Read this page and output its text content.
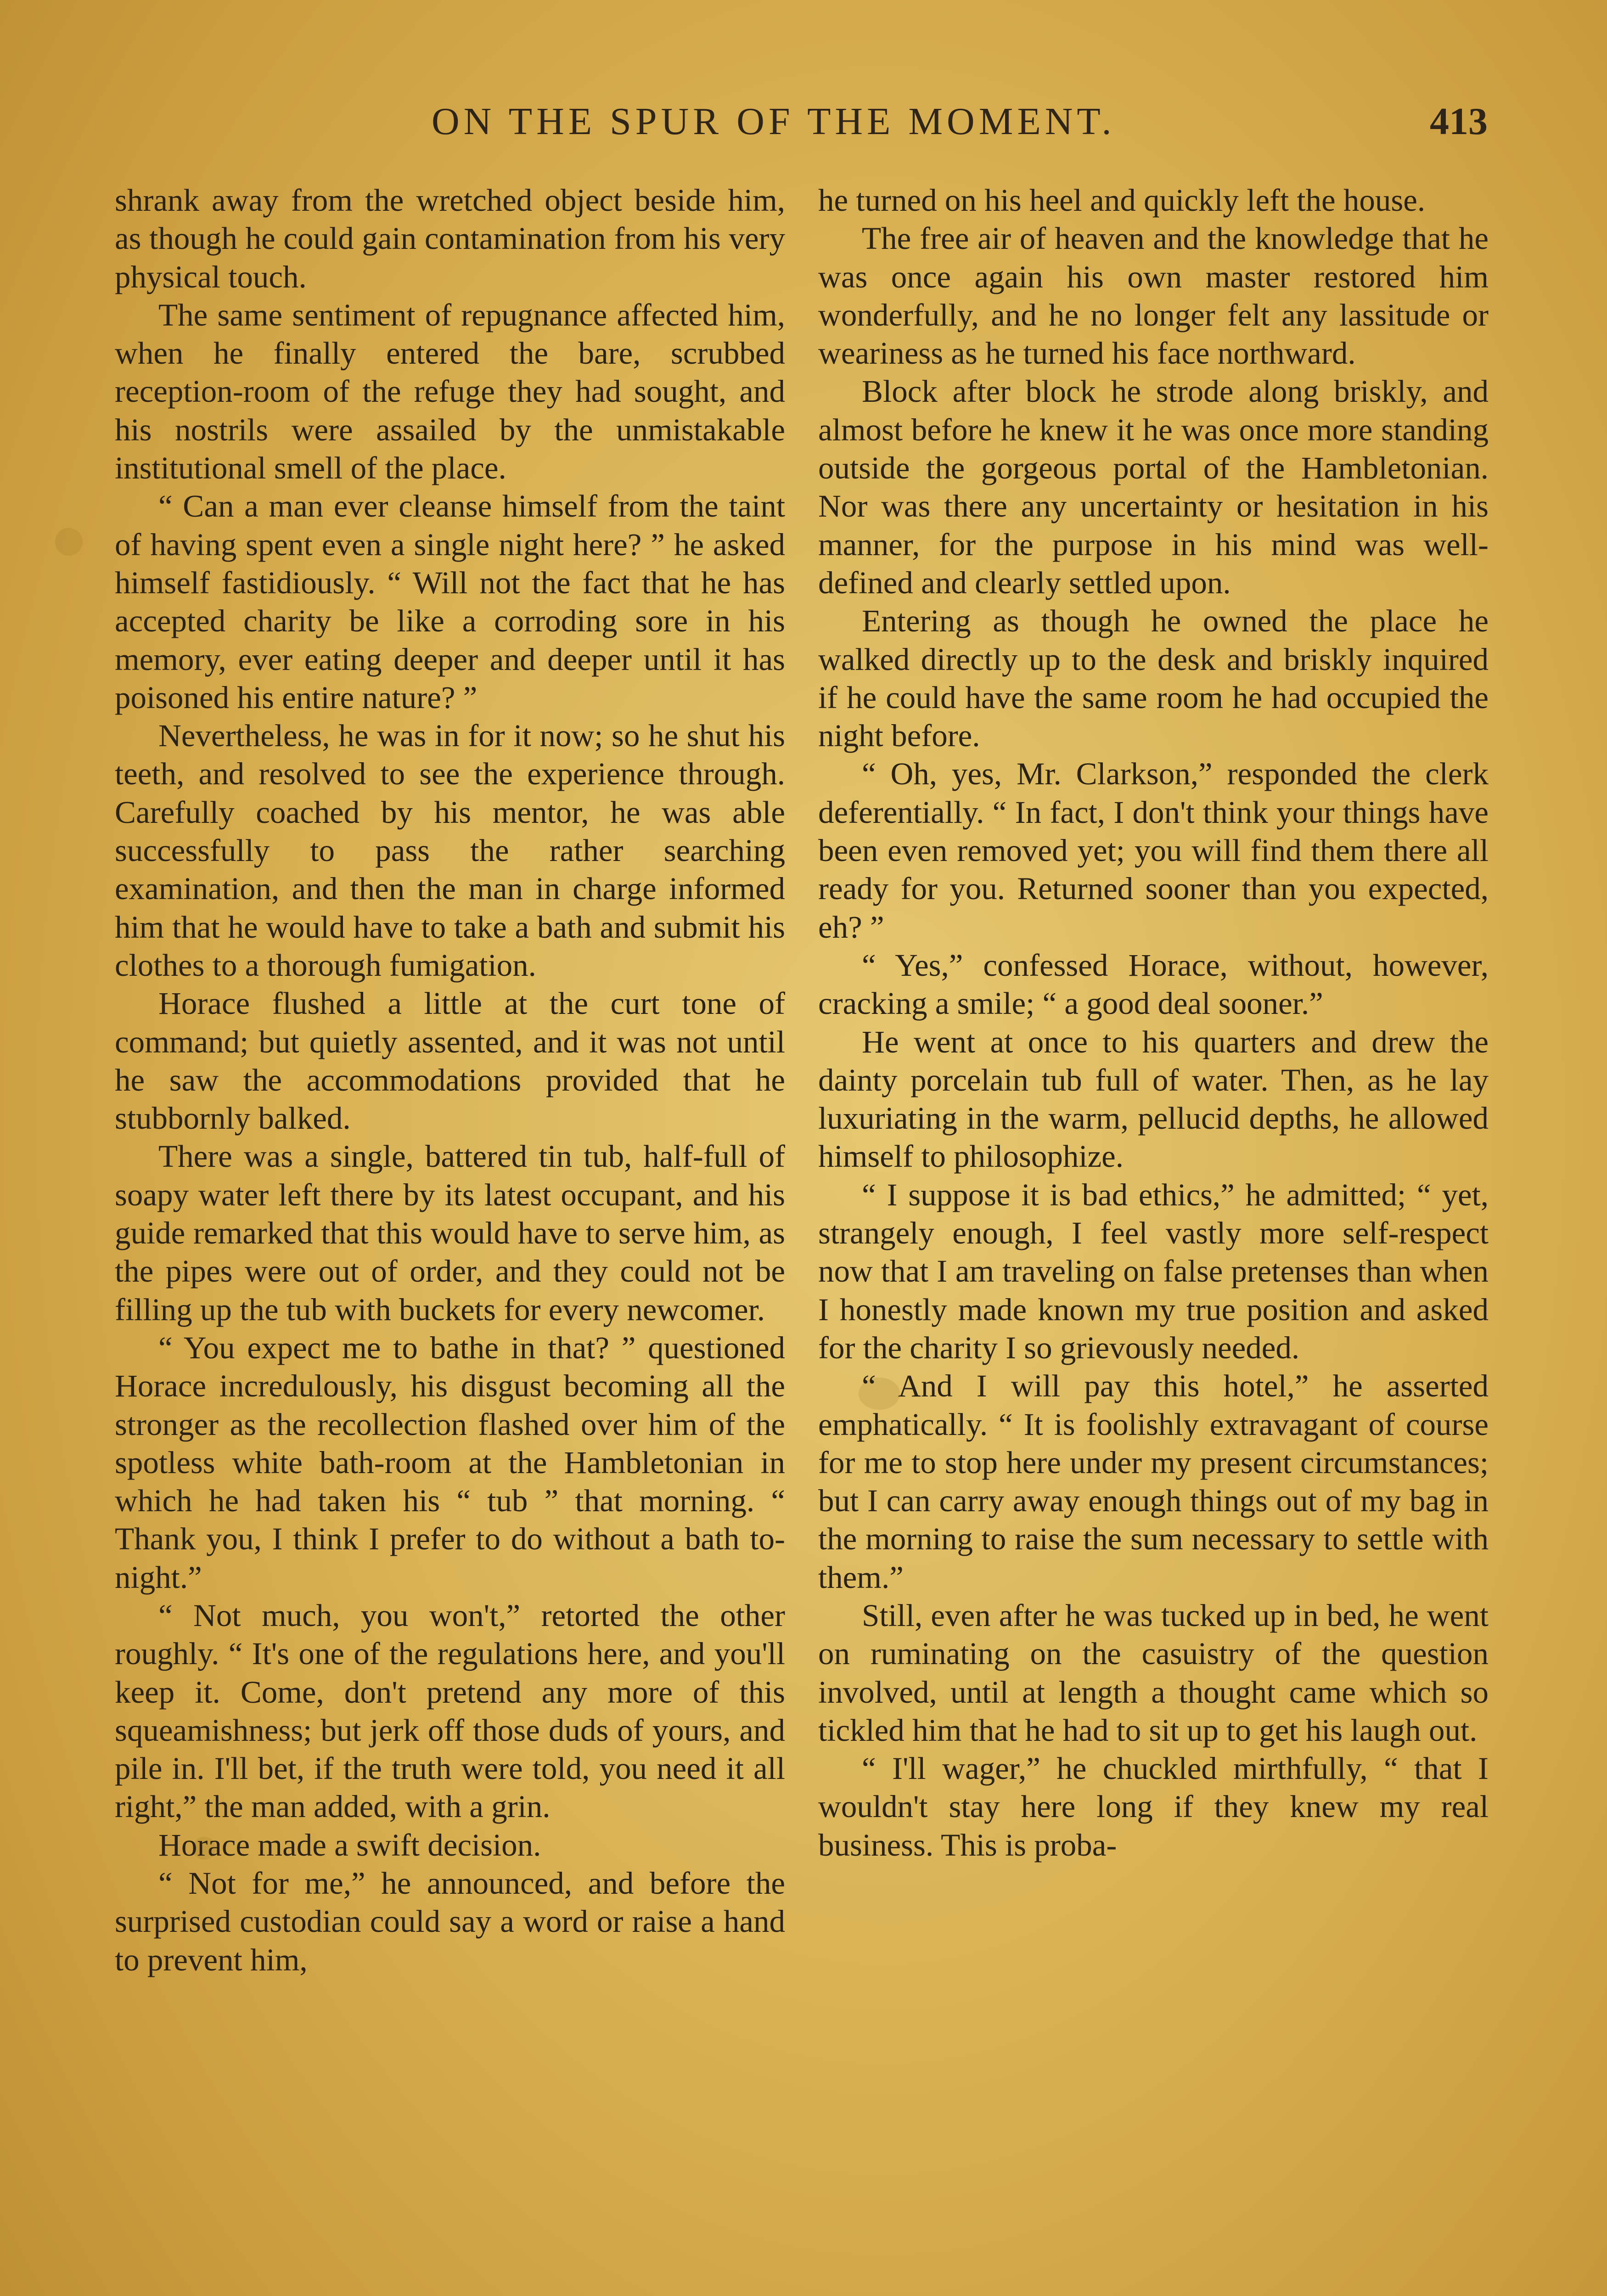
ON THE SPUR OF THE MOMENT.	413

shrank away from the wretched object beside him, as though he could gain contamination from his very physical touch.

The same sentiment of repugnance affected him, when he finally entered the bare, scrubbed reception-room of the refuge they had sought, and his nostrils were assailed by the unmistakable institutional smell of the place.

“ Can a man ever cleanse himself from the taint of having spent even a single night here? ” he asked himself fastidiously. “ Will not the fact that he has accepted charity be like a corroding sore in his memory, ever eating deeper and deeper until it has poisoned his entire nature? ”

Nevertheless, he was in for it now; so he shut his teeth, and resolved to see the experience through. Carefully coached by his mentor, he was able successfully to pass the rather searching examination, and then the man in charge informed him that he would have to take a bath and submit his clothes to a thorough fumigation.

Horace flushed a little at the curt tone of command; but quietly assented, and it was not until he saw the accommodations provided that he stubbornly balked.

There was a single, battered tin tub, half-full of soapy water left there by its latest occupant, and his guide remarked that this would have to serve him, as the pipes were out of order, and they could not be filling up the tub with buckets for every newcomer.

“ You expect me to bathe in that? ” questioned Horace incredulously, his disgust becoming all the stronger as the recollection flashed over him of the spotless white bath-room at the Hambletonian in which he had taken his “ tub ” that morning. “ Thank you, I think I prefer to do without a bath to-night.”

“ Not much, you won't,” retorted the other roughly. “ It's one of the regulations here, and you'll keep it. Come, don't pretend any more of this squeamishness; but jerk off those duds of yours, and pile in. I'll bet, if the truth were told, you need it all right,” the man added, with a grin.

Horace made a swift decision.

“ Not for me,” he announced, and before the surprised custodian could say a word or raise a hand to prevent him,

he turned on his heel and quickly left the house.

The free air of heaven and the knowledge that he was once again his own master restored him wonderfully, and he no longer felt any lassitude or weariness as he turned his face northward.

Block after block he strode along briskly, and almost before he knew it he was once more standing outside the gorgeous portal of the Hambletonian. Nor was there any uncertainty or hesitation in his manner, for the purpose in his mind was well-defined and clearly settled upon.

Entering as though he owned the place he walked directly up to the desk and briskly inquired if he could have the same room he had occupied the night before.

“ Oh, yes, Mr. Clarkson,” responded the clerk deferentially. “ In fact, I don't think your things have been even removed yet; you will find them there all ready for you. Returned sooner than you expected, eh? ”

“ Yes,” confessed Horace, without, however, cracking a smile; “ a good deal sooner.”

He went at once to his quarters and drew the dainty porcelain tub full of water. Then, as he lay luxuriating in the warm, pellucid depths, he allowed himself to philosophize.

“ I suppose it is bad ethics,” he admitted; “ yet, strangely enough, I feel vastly more self-respect now that I am traveling on false pretenses than when I honestly made known my true position and asked for the charity I so grievously needed.

“ And I will pay this hotel,” he asserted emphatically. “ It is foolishly extravagant of course for me to stop here under my present circumstances; but I can carry away enough things out of my bag in the morning to raise the sum necessary to settle with them.”

Still, even after he was tucked up in bed, he went on ruminating on the casuistry of the question involved, until at length a thought came which so tickled him that he had to sit up to get his laugh out.

“ I'll wager,” he chuckled mirthfully, “ that I wouldn't stay here long if they knew my real business. This is proba-
